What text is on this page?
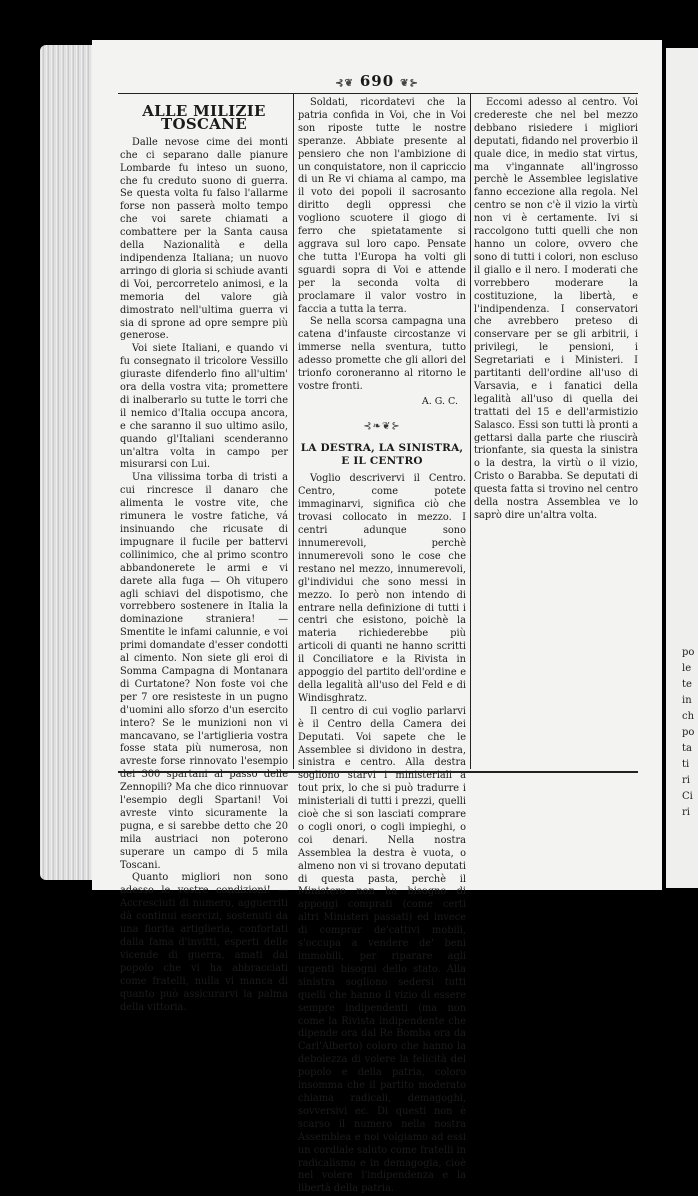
po
le
te
in
ch
po
ta
ti
ri
Ci
ri
⊰❦ 690 ❦⊱
ALLE MILIZIE TOSCANE

Dalle nevose cime dei monti che ci separano dalle pianure Lombarde fu inteso un suono, che fu creduto suono di guerra. Se questa volta fu falso l'allarme forse non passerà molto tempo che voi sarete chiamati a combattere per la Santa causa della Nazionalità e della indipendenza Italiana; un nuovo arringo di gloria si schiude avanti di Voi, percorretelo animosi, e la memoria del valore già dimostrato nell'ultima guerra vi sia di sprone ad opre sempre più generose.

Voi siete Italiani, e quando vi fu consegnato il tricolore Vessillo giuraste difenderlo fino all'ultim' ora della vostra vita; promettere di inalberarlo su tutte le torri che il nemico d'Italia occupa ancora, e che saranno il suo ultimo asilo, quando gl'Italiani scenderanno un'altra volta in campo per misurarsi con Lui.

Una vilissima torba di tristi a cui rincresce il danaro che alimenta le vostre vite, che rimunera le vostre fatiche, vá insinuando che ricusate di impugnare il fucile per battervi collinimico, che al primo scontro abbandonerete le armi e vi darete alla fuga — Oh vitupero agli schiavi del dispotismo, che vorrebbero sostenere in Italia la dominazione straniera! — Smentite le infami calunnie, e voi primi domandate d'esser condotti al cimento. Non siete gli eroi di Somma Campagna di Montanara di Curtatone? Non foste voi che per 7 ore resisteste in un pugno d'uomini allo sforzo d'un esercito intero? Se le munizioni non vi mancavano, se l'artiglieria vostra fosse stata più numerosa, non avreste forse rinnovato l'esempio dei 300 spartani al passo delle Zennopili? Ma che dico rinnuovar l'esempio degli Spartani! Voi avreste vinto sicuramente la pugna, e si sarebbe detto che 20 mila austriaci non poterono superare un campo di 5 mila Toscani.

Quanto migliori non sono adesso le vostre condizioni! — Accresciuti di numero, agguerriti dà continui esercizi, sostenuti da una fiorita artiglieria, confortati dalla fama d'invitti, esperti delle vicende di guerra, amati dal popolo che vi ha abbracciati come fratelli, nulla vi manca di quanto può assicurarvi la palma della vittoria.

Soldati, ricordatevi che la patria confida in Voi, che in Voi son riposte tutte le nostre speranze. Abbiate presente al pensiero che non l'ambizione di un conquistatore, non il capriccio di un Re vi chiama al campo, ma il voto dei popoli il sacrosanto diritto degli oppressi che vogliono scuotere il giogo di ferro che spietatamente si aggrava sul loro capo. Pensate che tutta l'Europa ha volti gli sguardi sopra di Voi e attende per la seconda volta di proclamare il valor vostro in faccia a tutta la terra.

Se nella scorsa campagna una catena d'infauste circostanze vi immerse nella sventura, tutto adesso promette che gli allori del trionfo coroneranno al ritorno le vostre fronti.

A. G. C.
⊰❧❦⊱
LA DESTRA, LA SINISTRA, E IL CENTRO

Voglio descrivervi il Centro. Centro, come potete immaginarvi, significa ciò che trovasi collocato in mezzo. I centri adunque sono innumerevoli, perchè innumerevoli sono le cose che restano nel mezzo, innumerevoli, gl'individui che sono messi in mezzo. Io però non intendo di entrare nella definizione di tutti i centri che esistono, poichè la materia richiederebbe più articoli di quanti ne hanno scritti il Conciliatore e la Rivista in appoggio del partito dell'ordine e della legalità all'uso del Feld e di Windisghratz.

Il centro di cui voglio parlarvi è il Centro della Camera dei Deputati. Voi sapete che le Assemblee si dividono in destra, sinistra e centro. Alla destra sogliono starvi i ministeriali a tout prix, lo che si può tradurre i ministeriali di tutti i prezzi, quelli cioè che si son lasciati comprare o cogli onori, o cogli impieghi, o coi denari. Nella nostra Assemblea la destra è vuota, o almeno non vi si trovano deputati di questa pasta, perchè il Ministero non ha bisogno di appoggi comprati (come certi altri Ministeri passati) ed invece di comprar de'cattivi mobili, s'occupa a vendere de' beni immobili, per riparare agli urgenti bisogni dello stato. Alla sinistra sogliono sedersi tutti quelli che hanno il vizio di essere sempre indipendenti (ma non come la Rivista indipendente che dipende ora dal Re Bomba ora da Carl'Alberto) coloro che hanno la debolezza di volere la felicità del popolo e della patria, coloro insomma che il partito moderato chiama radicali, demagoghi, sovversivi ec. Di questi non è scarso il numero nella nostra Assemblea e noi volgiamo ad essi un cordiale saluto come fratelli in radicalismo e in demagogia, cioè nel volere l'indipendenza e la libertà della patria.

Eccomi adesso al centro. Voi credereste che nel bel mezzo debbano risiedere i migliori deputati, fidando nel proverbio il quale dice, in medio stat virtus, ma v'ingannate all'ingrosso perchè le Assemblee legislative fanno eccezione alla regola. Nel centro se non c'è il vizio la virtù non vi è certamente. Ivi si raccolgono tutti quelli che non hanno un colore, ovvero che sono di tutti i colori, non escluso il giallo e il nero. I moderati che vorrebbero moderare la costituzione, la libertà, e l'indipendenza. I conservatori che avrebbero preteso di conservare per se gli arbitrii, i privilegi, le pensioni, i Segretariati e i Ministeri. I partitanti dell'ordine all'uso di Varsavia, e i fanatici della legalità all'uso di quella dei trattati del 15 e dell'armistizio Salasco. Essi son tutti là pronti a gettarsi dalla parte che riuscirà trionfante, sia questa la sinistra o la destra, la virtù o il vizio, Cristo o Barabba. Se deputati di questa fatta si trovino nel centro della nostra Assemblea ve lo saprò dire un'altra volta.
